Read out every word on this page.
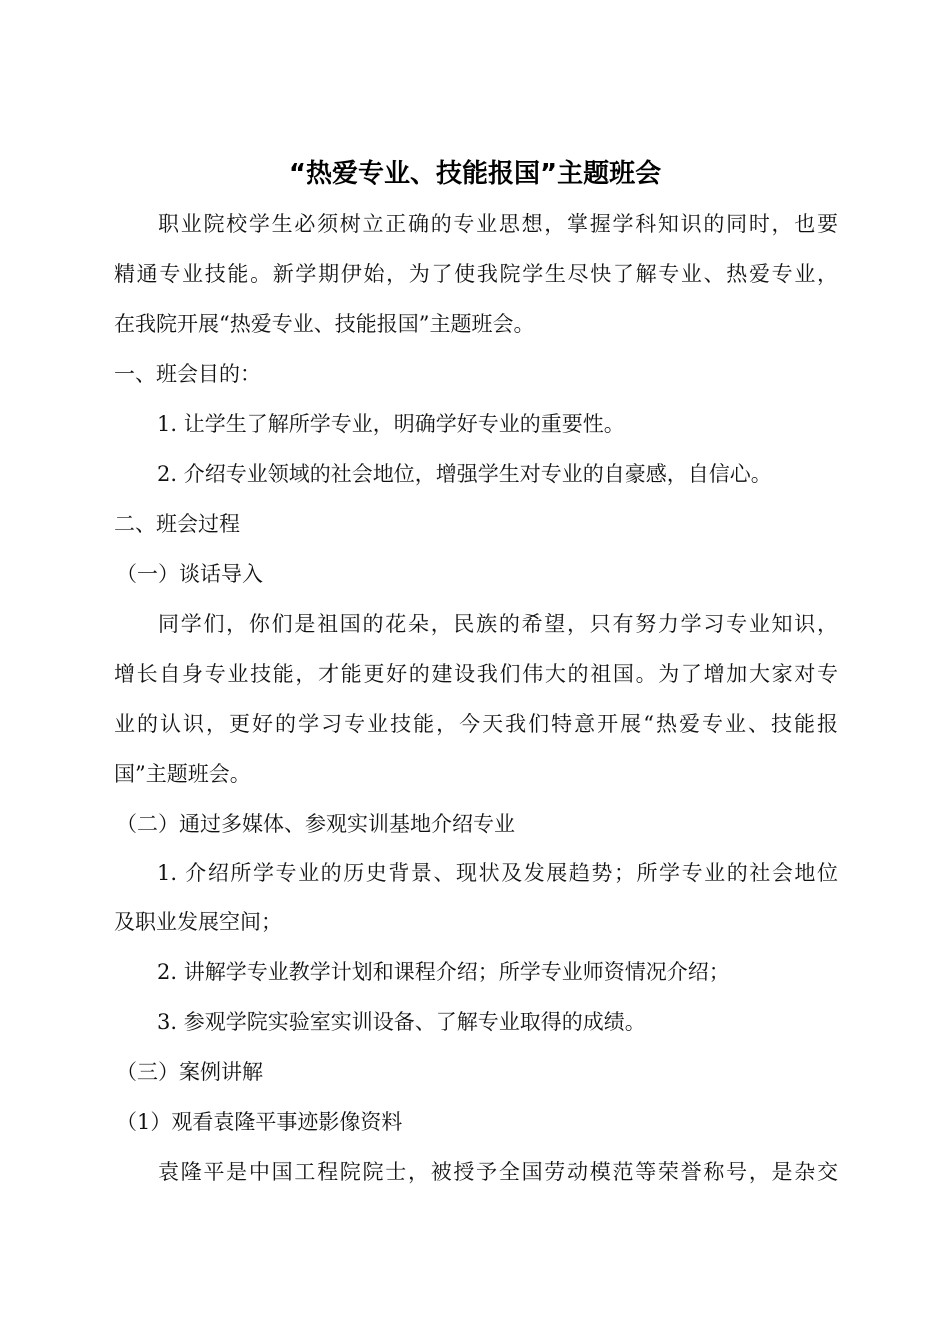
“热爱专业、技能报国”主题班会

职业院校学生必须树立正确的专业思想，掌握学科知识的同时，也要

精通专业技能。新学期伊始，为了使我院学生尽快了解专业、热爱专业，

在我院开展“热爱专业、技能报国”主题班会。

一、班会目的：

1. 让学生了解所学专业，明确学好专业的重要性。

2. 介绍专业领域的社会地位，增强学生对专业的自豪感，自信心。

二、班会过程

（一）谈话导入

同学们，你们是祖国的花朵，民族的希望，只有努力学习专业知识，

增长自身专业技能，才能更好的建设我们伟大的祖国。为了增加大家对专

业的认识，更好的学习专业技能，今天我们特意开展“热爱专业、技能报

国”主题班会。

（二）通过多媒体、参观实训基地介绍专业

1. 介绍所学专业的历史背景、现状及发展趋势；所学专业的社会地位

及职业发展空间；

2. 讲解学专业教学计划和课程介绍；所学专业师资情况介绍；

3. 参观学院实验室实训设备、了解专业取得的成绩。

（三）案例讲解

（1）观看袁隆平事迹影像资料

袁隆平是中国工程院院士，被授予全国劳动模范等荣誉称号，是杂交
